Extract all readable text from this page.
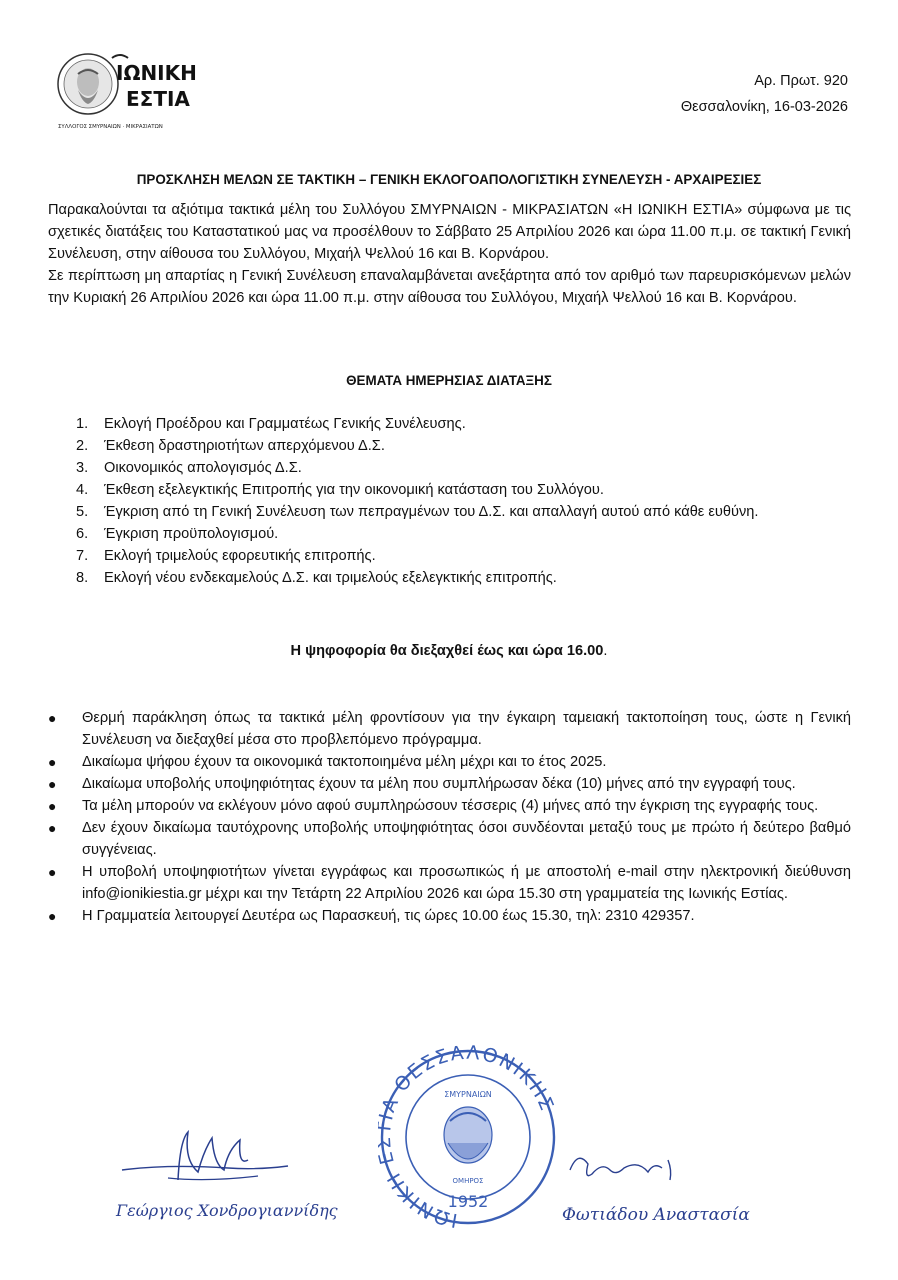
ΙΩΝΙΚΗ
ΕΣΤΙΑ
ΣΥΛΛΟΓΟΣ ΣΜΥΡΝΑΙΩΝ · ΜΙΚΡΑΣΙΑΤΩΝ
Αρ. Πρωτ. 920
Θεσσαλονίκη, 16-03-2026
ΠΡΟΣΚΛΗΣΗ ΜΕΛΩΝ ΣΕ ΤΑΚΤΙΚΗ – ΓΕΝΙΚΗ ΕΚΛΟΓΟΑΠΟΛΟΓΙΣΤΙΚΗ ΣΥΝΕΛΕΥΣΗ - ΑΡΧΑΙΡΕΣΙΕΣ
Παρακαλούνται τα αξιότιμα τακτικά μέλη του Συλλόγου ΣΜΥΡΝΑΙΩΝ - ΜΙΚΡΑΣΙΑΤΩΝ «Η ΙΩΝΙΚΗ ΕΣΤΙΑ» σύμφωνα με τις σχετικές διατάξεις του Καταστατικού μας να προσέλθουν το Σάββατο 25 Απριλίου 2026 και ώρα 11.00 π.μ. σε τακτική Γενική Συνέλευση, στην αίθουσα του Συλλόγου, Μιχαήλ Ψελλού 16 και Β. Κορνάρου.
Σε περίπτωση μη απαρτίας η Γενική Συνέλευση επαναλαμβάνεται ανεξάρτητα από τον αριθμό των παρευρισκόμενων μελών την Κυριακή 26 Απριλίου 2026 και ώρα 11.00 π.μ. στην αίθουσα του Συλλόγου, Μιχαήλ Ψελλού 16 και Β. Κορνάρου.
ΘΕΜΑΤΑ ΗΜΕΡΗΣΙΑΣ ΔΙΑΤΑΞΗΣ
1.	Εκλογή Προέδρου και Γραμματέως Γενικής Συνέλευσης.
2.	Έκθεση δραστηριοτήτων απερχόμενου Δ.Σ.
3.	Οικονομικός απολογισμός Δ.Σ.
4.	Έκθεση εξελεγκτικής Επιτροπής για την οικονομική κατάσταση του Συλλόγου.
5.	Έγκριση από τη Γενική Συνέλευση των πεπραγμένων του Δ.Σ. και απαλλαγή αυτού από κάθε ευθύνη.
6.	Έγκριση προϋπολογισμού.
7.	Εκλογή τριμελούς εφορευτικής επιτροπής.
8.	Εκλογή νέου ενδεκαμελούς Δ.Σ. και τριμελούς εξελεγκτικής επιτροπής.
Η ψηφοφορία θα διεξαχθεί έως και ώρα 16.00.
● Θερμή παράκληση όπως τα τακτικά μέλη φροντίσουν για την έγκαιρη ταμειακή τακτοποίηση τους, ώστε η Γενική Συνέλευση να διεξαχθεί μέσα στο προβλεπόμενο πρόγραμμα.
● Δικαίωμα ψήφου έχουν τα οικονομικά τακτοποιημένα μέλη μέχρι και το έτος 2025.
● Δικαίωμα υποβολής υποψηφιότητας έχουν τα μέλη που συμπλήρωσαν δέκα (10) μήνες από την εγγραφή τους.
● Τα μέλη μπορούν να εκλέγουν μόνο αφού συμπληρώσουν τέσσερις (4) μήνες από την έγκριση της εγγραφής τους.
● Δεν έχουν δικαίωμα ταυτόχρονης υποβολής υποψηφιότητας όσοι συνδέονται μεταξύ τους με πρώτο ή δεύτερο βαθμό συγγένειας.
● Η υποβολή υποψηφιοτήτων γίνεται εγγράφως και προσωπικώς ή με αποστολή e-mail στην ηλεκτρονική διεύθυνση info@ionikiestia.gr μέχρι και την Τετάρτη 22 Απριλίου 2026 και ώρα 15.30 στη γραμματεία της Ιωνικής Εστίας.
● Η Γραμματεία λειτουργεί Δευτέρα ως Παρασκευή, τις ώρες 10.00 έως 15.30, τηλ: 2310 429357.
Γεώργιος Χονδρογιαννίδης	ΙΩΝΙΚΗ Α ΘΕΣΣΑΛΟΝΙΚΗΣ
ΣΜΥΡΝΑΙΩΝ
ΟΜΗΡΟΣ
1952
Φωτιάδου Αναστασία
